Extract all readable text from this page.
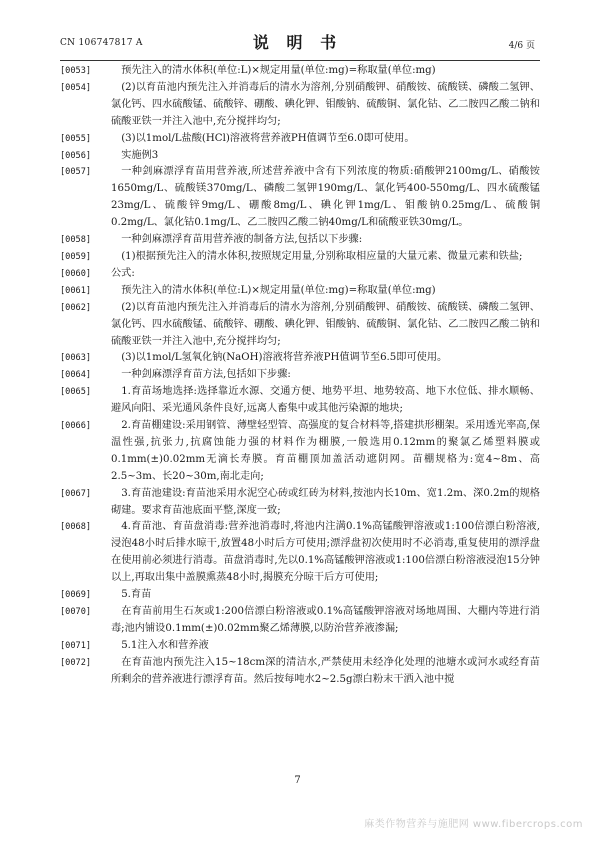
CN 106747817 A	说 明 书	4/6 页
[0053]	预先注入的清水体积(单位:L)×规定用量(单位:mg)=称取量(单位:mg)
[0054]	(2)以育苗池内预先注入并消毒后的清水为溶剂,分别硝酸钾、硝酸铵、硫酸镁、磷酸二氢钾、氯化钙、四水硫酸锰、硫酸锌、硼酸、碘化钾、钼酸钠、硫酸铜、氯化钴、乙二胺四乙酸二钠和硫酸亚铁一并注入池中,充分搅拌均匀;
[0055]	(3)以1mol/L盐酸(HCl)溶液将营养液PH值调节至6.0即可使用。
[0056]	实施例3
[0057]	一种剑麻漂浮育苗用营养液,所述营养液中含有下列浓度的物质:硝酸钾2100mg/L、硝酸铵1650mg/L、硫酸镁370mg/L、磷酸二氢钾190mg/L、氯化钙400-550mg/L、四水硫酸锰23mg/L、硫酸锌9mg/L、硼酸8mg/L、碘化钾1mg/L、钼酸钠0.25mg/L、硫酸铜0.2mg/L、氯化钴0.1mg/L、乙二胺四乙酸二钠40mg/L和硫酸亚铁30mg/L。
[0058]	一种剑麻漂浮育苗用营养液的制备方法,包括以下步骤:
[0059]	(1)根据预先注入的清水体积,按照规定用量,分别称取相应量的大量元素、微量元素和铁盐;
[0060]	公式:
[0061]	预先注入的清水体积(单位:L)×规定用量(单位:mg)=称取量(单位:mg)
[0062]	(2)以育苗池内预先注入并消毒后的清水为溶剂,分别硝酸钾、硝酸铵、硫酸镁、磷酸二氢钾、氯化钙、四水硫酸锰、硫酸锌、硼酸、碘化钾、钼酸钠、硫酸铜、氯化钴、乙二胺四乙酸二钠和硫酸亚铁一并注入池中,充分搅拌均匀;
[0063]	(3)以1mol/L氢氧化钠(NaOH)溶液将营养液PH值调节至6.5即可使用。
[0064]	一种剑麻漂浮育苗方法,包括如下步骤:
[0065]	1.育苗场地选择:选择靠近水源、交通方便、地势平坦、地势较高、地下水位低、排水顺畅、避风向阳、采光通风条件良好,远离人畜集中或其他污染源的地块;
[0066]	2.育苗棚建设:采用钢管、薄壁轻型管、高强度的复合材料等,搭建拱形棚架。采用透光率高,保温性强,抗张力,抗腐蚀能力强的材料作为棚膜,一般选用0.12mm的聚氯乙烯塑料膜或0.1mm(±)0.02mm无滴长寿膜。育苗棚顶加盖活动遮阴网。苗棚规格为:宽4~8m、高2.5~3m、长20~30m,南北走向;
[0067]	3.育苗池建设:育苗池采用水泥空心砖或红砖为材料,按池内长10m、宽1.2m、深0.2m的规格砌建。要求育苗池底面平整,深度一致;
[0068]	4.育苗池、育苗盘消毒:营养池消毒时,将池内注满0.1%高锰酸钾溶液或1:100倍漂白粉溶液,浸泡48小时后排水晾干,放置48小时后方可使用;漂浮盘初次使用时不必消毒,重复使用的漂浮盘在使用前必须进行消毒。苗盘消毒时,先以0.1%高锰酸钾溶液或1:100倍漂白粉溶液浸泡15分钟以上,再取出集中盖膜熏蒸48小时,揭膜充分晾干后方可使用;
[0069]	5.育苗
[0070]	在育苗前用生石灰或1:200倍漂白粉溶液或0.1%高锰酸钾溶液对场地周围、大棚内等进行消毒;池内铺设0.1mm(±)0.02mm聚乙烯薄膜,以防治营养液渗漏;
[0071]	5.1注入水和营养液
[0072]	在育苗池内预先注入15~18cm深的清洁水,严禁使用未经净化处理的池塘水或河水或经育苗所剩余的营养液进行漂浮育苗。然后按每吨水2~2.5g漂白粉末干洒入池中搅
7
麻类作物营养与施肥网 www.fibercrops.com
